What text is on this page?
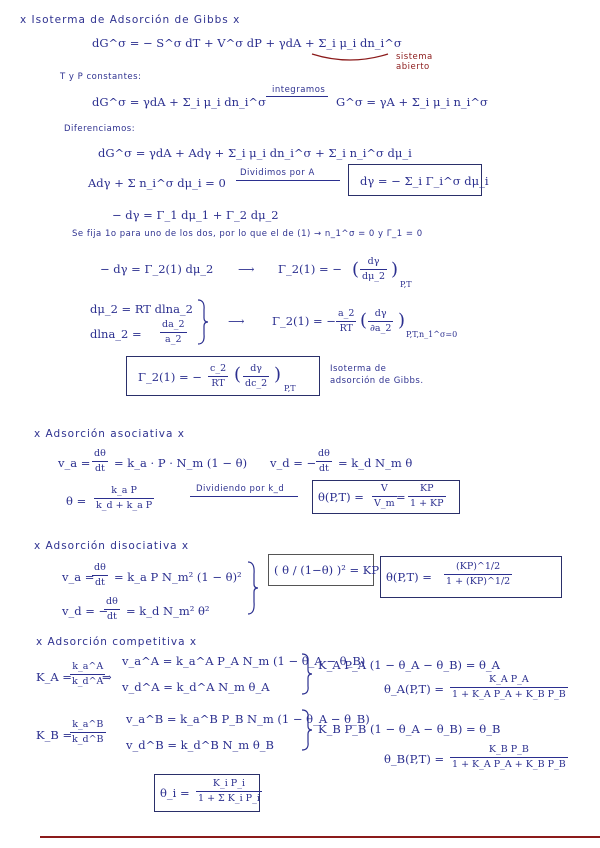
x Isoterma de Adsorción de Gibbs x
dG^σ = − S^σ dT + V^σ dP + γdA + Σ_i μ_i dn_i^σ
sistema abierto
T y P constantes:
dG^σ = γdA + Σ_i μ_i dn_i^σ
integramos
G^σ = γA + Σ_i μ_i n_i^σ
Diferenciamos:
dG^σ = γdA + Adγ + Σ_i μ_i dn_i^σ + Σ_i n_i^σ dμ_i
Adγ + Σ n_i^σ dμ_i = 0
Dividimos por A
dγ = − Σ_i Γ_i^σ dμ_i
− dγ = Γ_1 dμ_1 + Γ_2 dμ_2
Se fija 1o para uno de los dos, por lo que el de (1) → n_1^σ = 0 y Γ_1 = 0
− dγ = Γ_2(1) dμ_2 ⟶ Γ_2(1) = − ( $\frac{d\gamma}{d\mu\_2}$ )
P,T
dμ_2 = RT dlna_2
dlna_2 = $\frac{da\_2}{a\_2}$	⟶ Γ_2(1) = − $\frac{a\_2}{RT}$ ( $\frac{d\gamma}{\partial a\_2}$ )
P,T,n_1^σ=0
Γ_2(1) = − $\frac{c\_2}{RT}$ ( $\frac{d\gamma}{dc\_2}$ )
P,T
Isoterma de
adsorción de Gibbs.
x Adsorción asociativa x
v_a = $\frac{d\theta}{dt}$ = k_a · P · N_m (1 − θ) v_d = − $\frac{d\theta}{dt}$ = k_d N_m θ
$\theta = \frac{\text{k\_a P}}{\text{k\_d + k\_a P}}$	Dividiendo por k_d
$\theta(P,T) = \frac{V}{V\_m} = \frac{KP}{1 + KP}$
x Adsorción disociativa x
v_a =
$\frac{d\theta}{dt}$ = k_a P N_m² (1 − θ)²
v_d = −
$\frac{d\theta}{dt}$ = k_d N_m² θ²
( θ / (1−θ) )² = KP $\theta(P,T) = \frac{(KP)\^{}1/2}{1 + (KP)\^{}1/2}$
x Adsorción competitiva x
K_A =
$\frac{k\_a\^{}A}{k\_d\^{}A}$
⇒
v_a^A = k_a^A P_A N_m (1 − θ_A − θ_B)
v_d^A = k_d^A N_m θ_A
K_A P_A (1 − θ_A − θ_B) = θ_A
θ_A(P,T) = $\frac{\text{K\_A P\_A}}{\text{1 + K\_A P\_A + K\_B P\_B}}$
K_B =
$\frac{k\_a\^{}B}{k\_d\^{}B}$
v_a^B = k_a^B P_B N_m (1 − θ_A − θ_B)
v_d^B = k_d^B N_m θ_B
K_B P_B (1 − θ_A − θ_B) = θ_B
θ_B(P,T) = $\frac{\text{K\_B P\_B}}{\text{1 + K\_A P\_A + K\_B P\_B}}$
θ_i = $\frac{\text{K\_i P\_i}}{\text{1 + Σ K\_i P\_i}}$
